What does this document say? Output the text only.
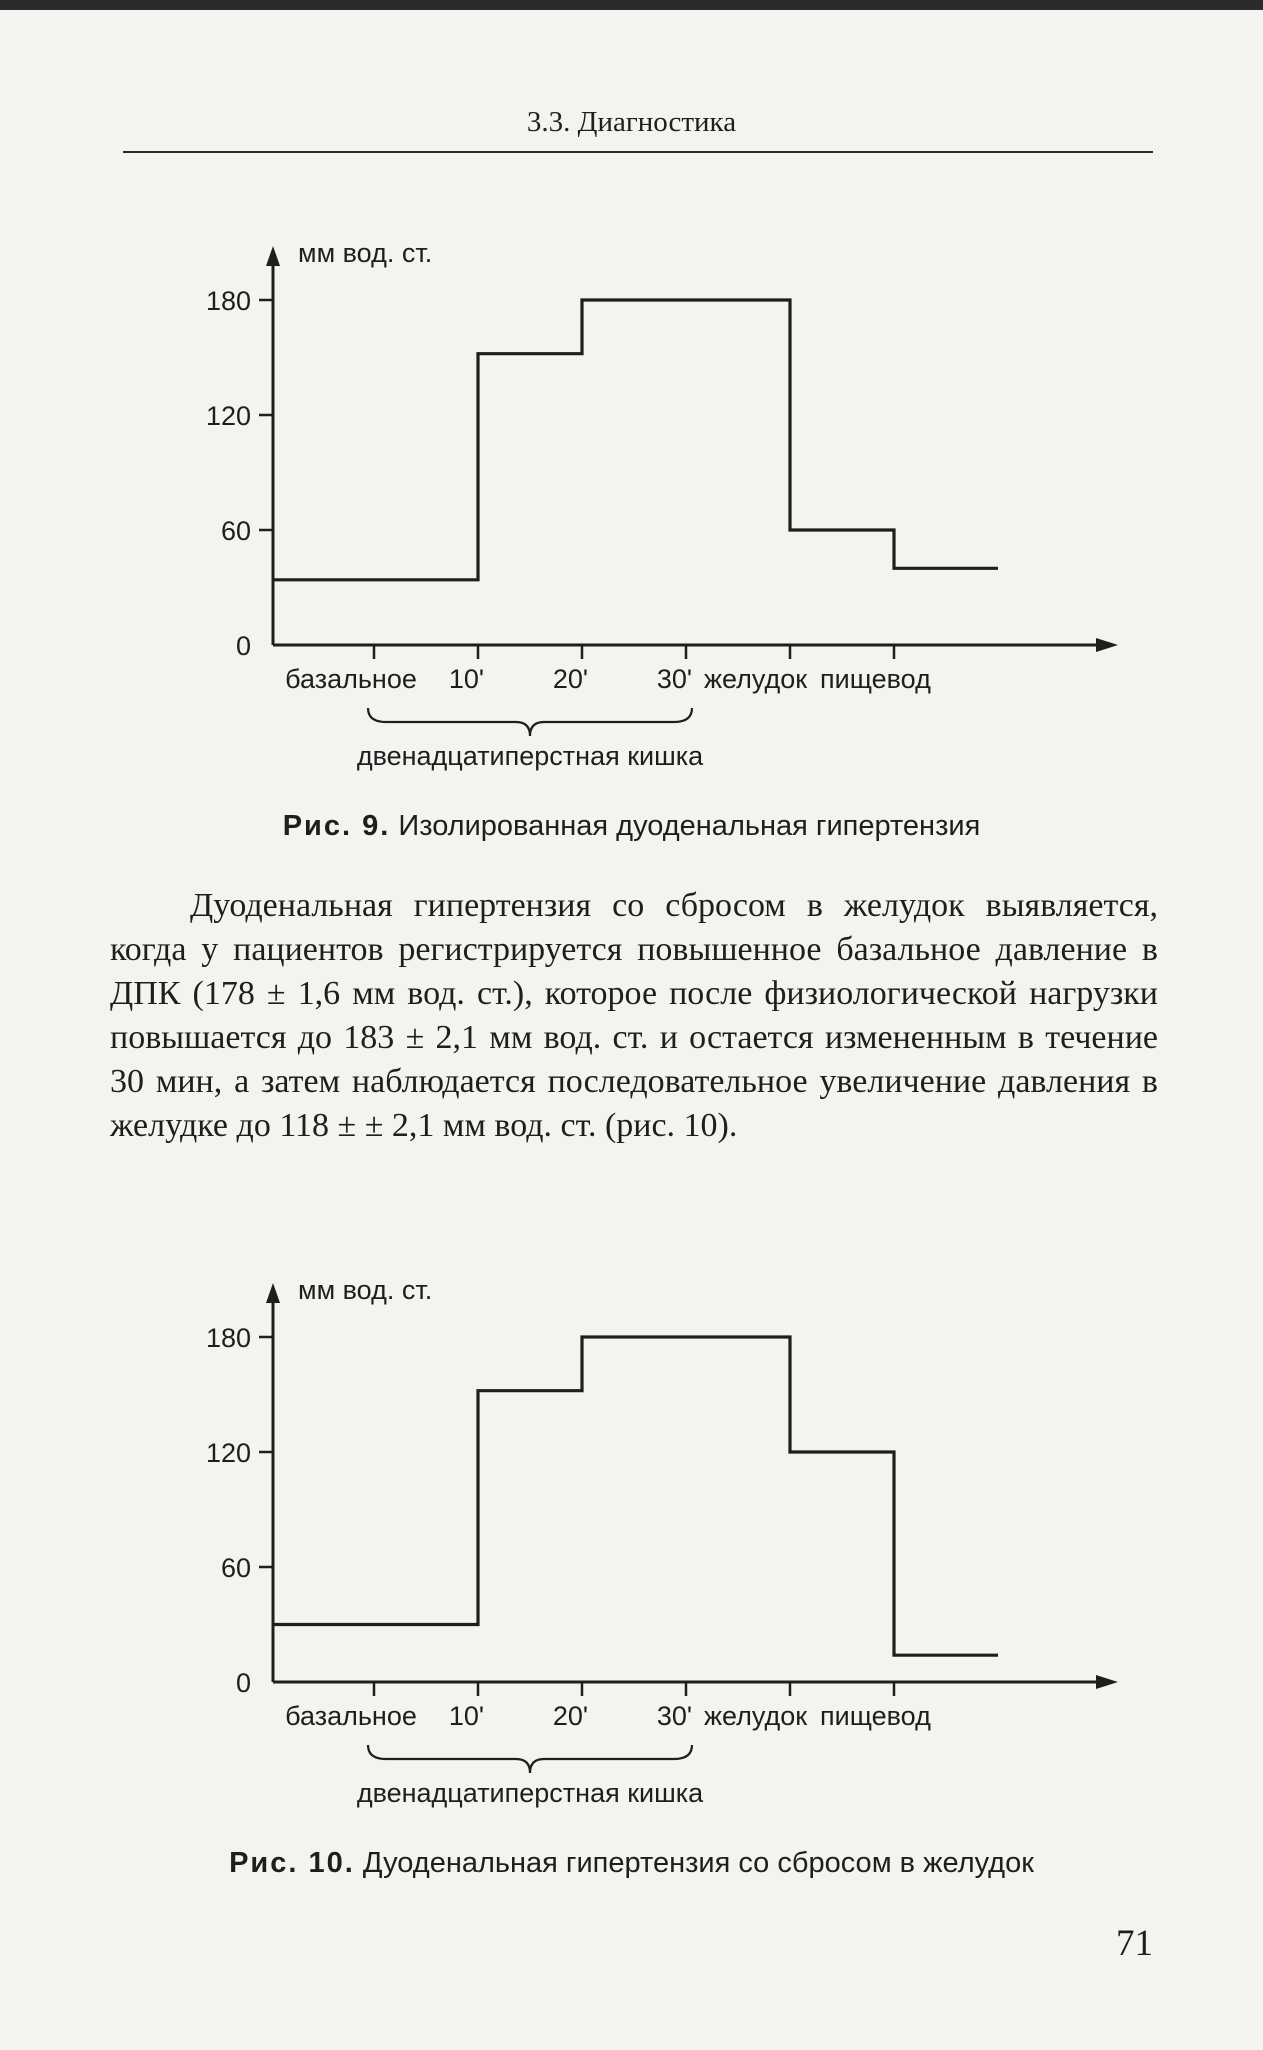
3.3. Диагностика
мм вод. ст.
0
60
120
180
базальное 10'	20'	30' желудок пищевод
двенадцатиперстная кишка
Рис. 9. Изолированная дуоденальная гипертензия

Дуоденальная гипертензия со сбросом в желудок выявляется, когда у пациентов регистрируется повышенное базальное давление в ДПК (178 ± 1,6 мм вод. ст.), которое после физиологической нагрузки повышается до 183 ± 2,1 мм вод. ст. и остается измененным в течение 30 мин, а затем наблюдается последовательное увеличение давления в желудке до 118 ± ± 2,1 мм вод. ст. (рис. 10).

мм вод. ст.
0
60
120
180
базальное 10'	20'	30' желудок пищевод
двенадцатиперстная кишка
Рис. 10. Дуоденальная гипертензия со сбросом в желудок
71
